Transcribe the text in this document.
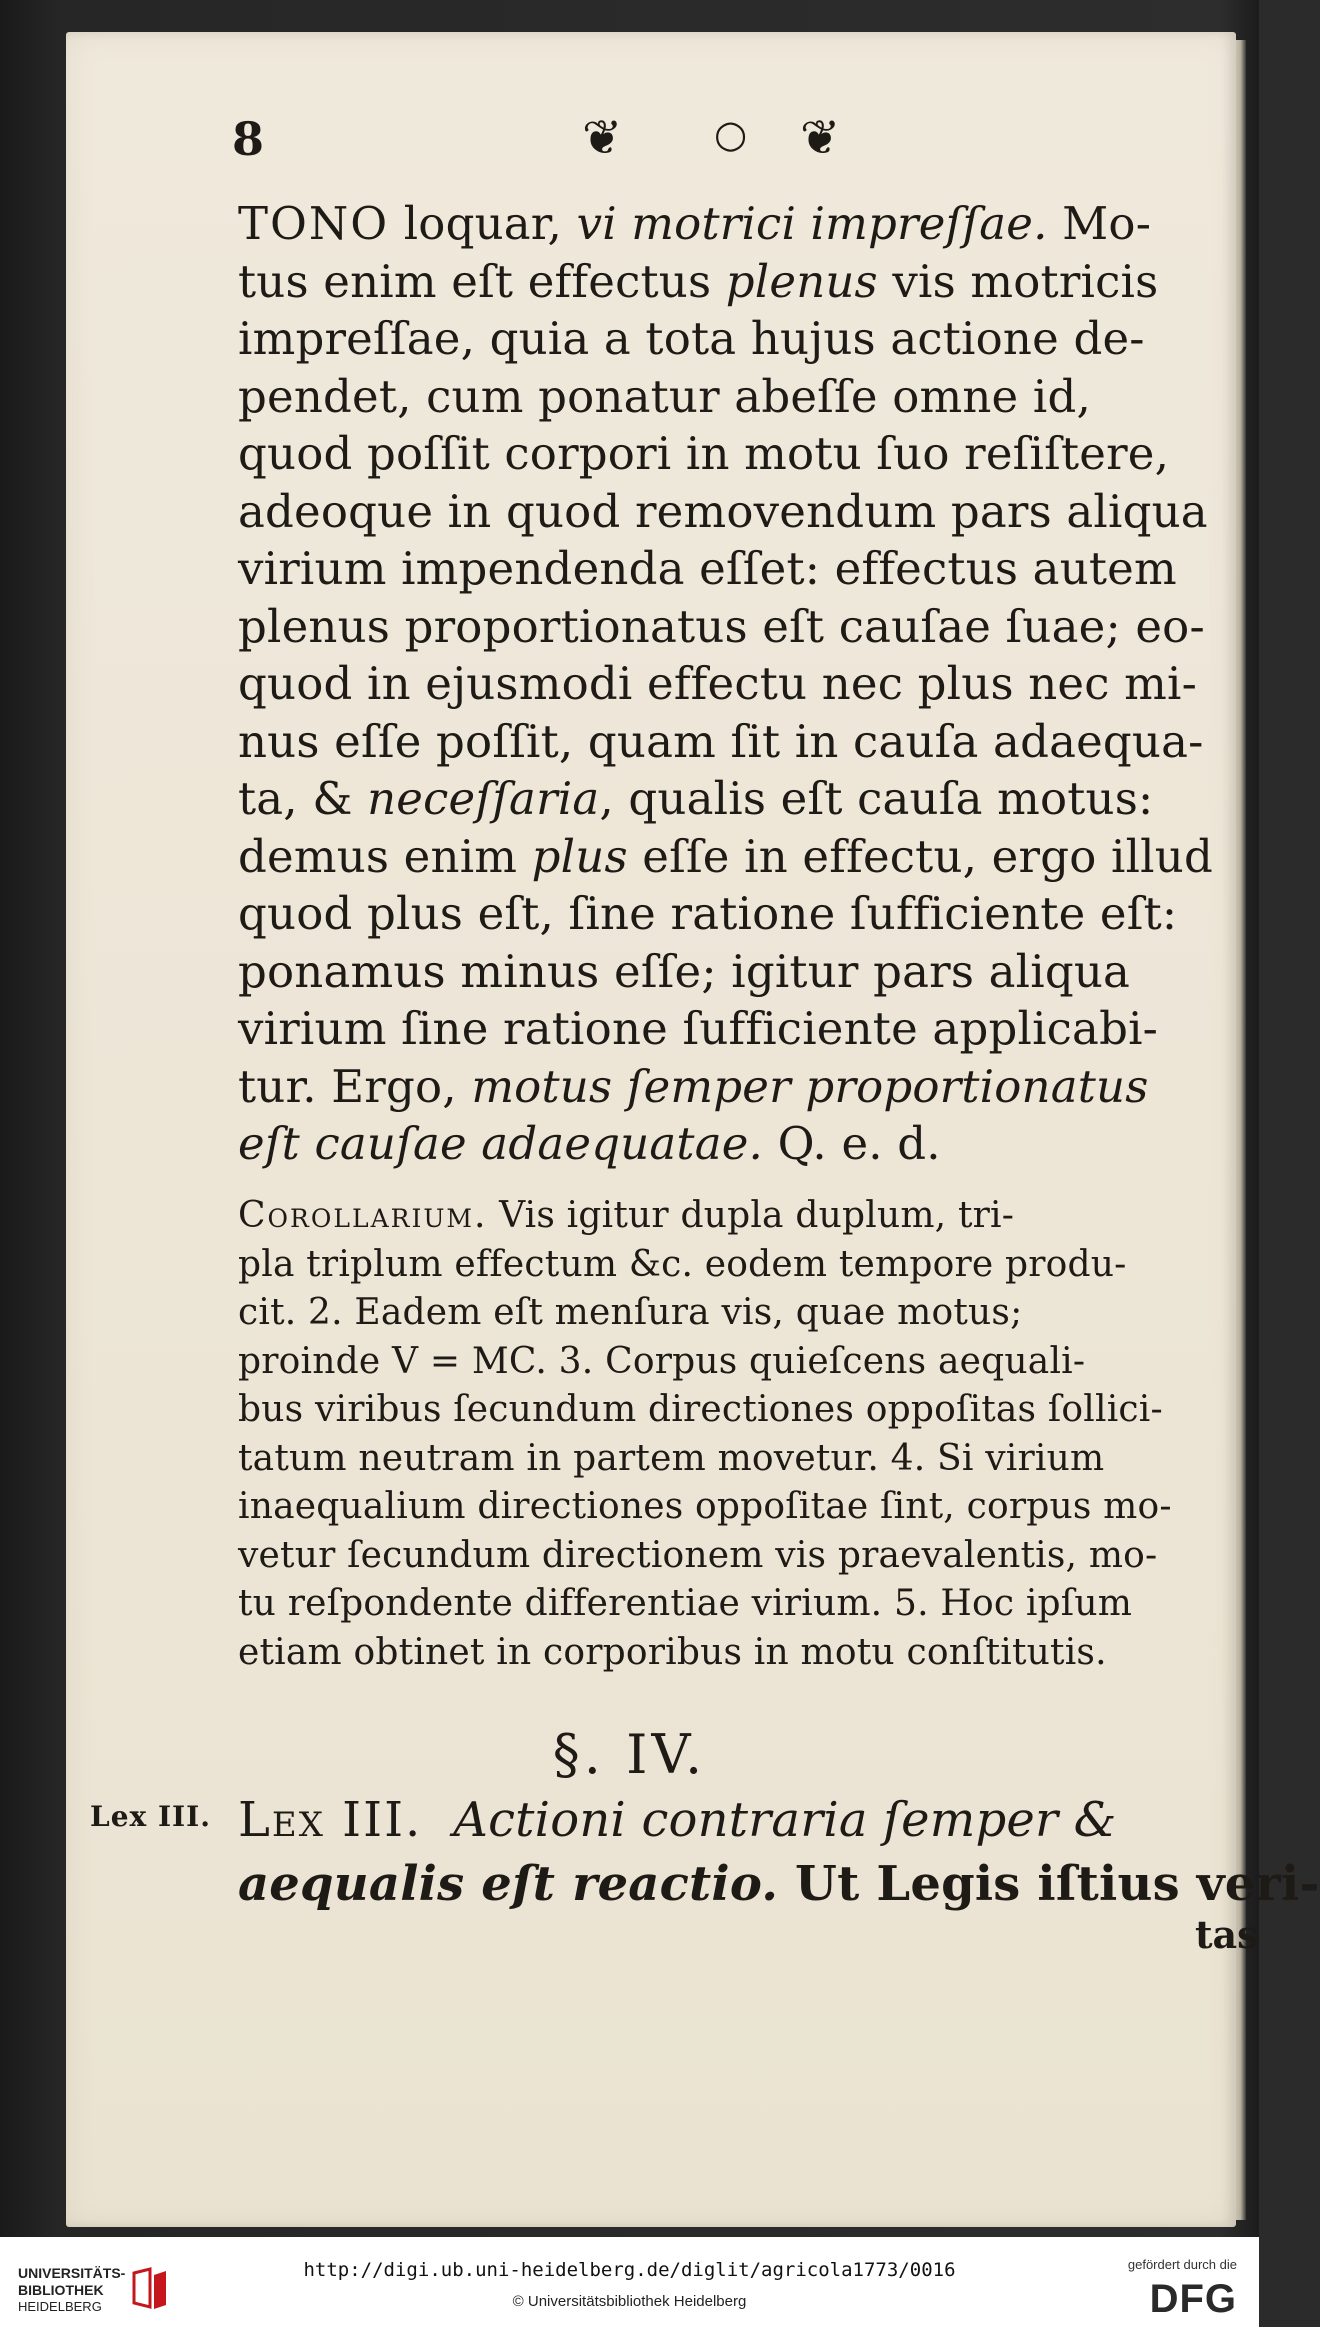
8	❦ ○ ❦
TONO loquar, vi motrici impreſſae. Mo-
tus enim eſt effectus plenus vis motricis
impreſſae, quia a tota hujus actione de-
pendet, cum ponatur abeſſe omne id,
quod poſſit corpori in motu ſuo reſiſtere,
adeoque in quod removendum pars aliqua
virium impendenda eſſet: effectus autem
plenus proportionatus eſt cauſae ſuae; eo-
quod in ejusmodi effectu nec plus nec mi-
nus eſſe poſſit, quam ſit in cauſa adaequa-
ta, & neceſſaria, qualis eſt cauſa motus:
demus enim plus eſſe in effectu, ergo illud
quod plus eſt, ſine ratione ſufficiente eſt:
ponamus minus eſſe; igitur pars aliqua
virium ſine ratione ſufficiente applicabi-
tur. Ergo, motus ſemper proportionatus
eſt cauſae adaequatae. Q. e. d.
Corollarium. Vis igitur dupla duplum, tri-
pla triplum effectum &c. eodem tempore produ-
cit. 2. Eadem eſt menſura vis, quae motus;
proinde V = MC. 3. Corpus quieſcens aequali-
bus viribus ſecundum directiones oppoſitas ſollici-
tatum neutram in partem movetur. 4. Si virium
inaequalium directiones oppoſitae ſint, corpus mo-
vetur ſecundum directionem vis praevalentis, mo-
tu reſpondente differentiae virium. 5. Hoc ipſum
etiam obtinet in corporibus in motu conſtitutis.
§. IV.
Lex III. Lex III. Actioni contraria ſemper &
aequalis eſt reactio. Ut Legis iſtius veri-
tas
UNIVERSITÄTS-
BIBLIOTHEK
HEIDELBERG
http://digi.ub.uni-heidelberg.de/diglit/agricola1773/0016
© Universitätsbibliothek Heidelberg
gefördert durch die
DFG
